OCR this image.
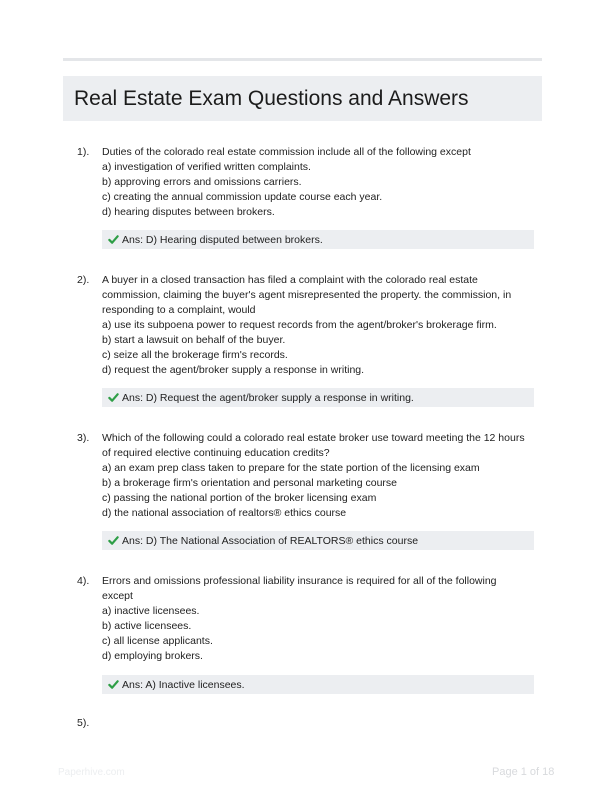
Real Estate Exam Questions and Answers
1). Duties of the colorado real estate commission include all of the following except
a) investigation of verified written complaints.
b) approving errors and omissions carriers.
c) creating the annual commission update course each year.
d) hearing disputes between brokers.
Ans: D) Hearing disputed between brokers.
2). A buyer in a closed transaction has filed a complaint with the colorado real estate
commission, claiming the buyer's agent misrepresented the property. the commission, in
responding to a complaint, would
a) use its subpoena power to request records from the agent/broker's brokerage firm.
b) start a lawsuit on behalf of the buyer.
c) seize all the brokerage firm's records.
d) request the agent/broker supply a response in writing.
Ans: D) Request the agent/broker supply a response in writing.
3). Which of the following could a colorado real estate broker use toward meeting the 12 hours
of required elective continuing education credits?
a) an exam prep class taken to prepare for the state portion of the licensing exam
b) a brokerage firm's orientation and personal marketing course
c) passing the national portion of the broker licensing exam
d) the national association of realtors® ethics course
Ans: D) The National Association of REALTORS® ethics course
4). Errors and omissions professional liability insurance is required for all of the following
except
a) inactive licensees.
b) active licensees.
c) all license applicants.
d) employing brokers.
Ans: A) Inactive licensees.
5).
Paperhive.com	Page 1 of 18
